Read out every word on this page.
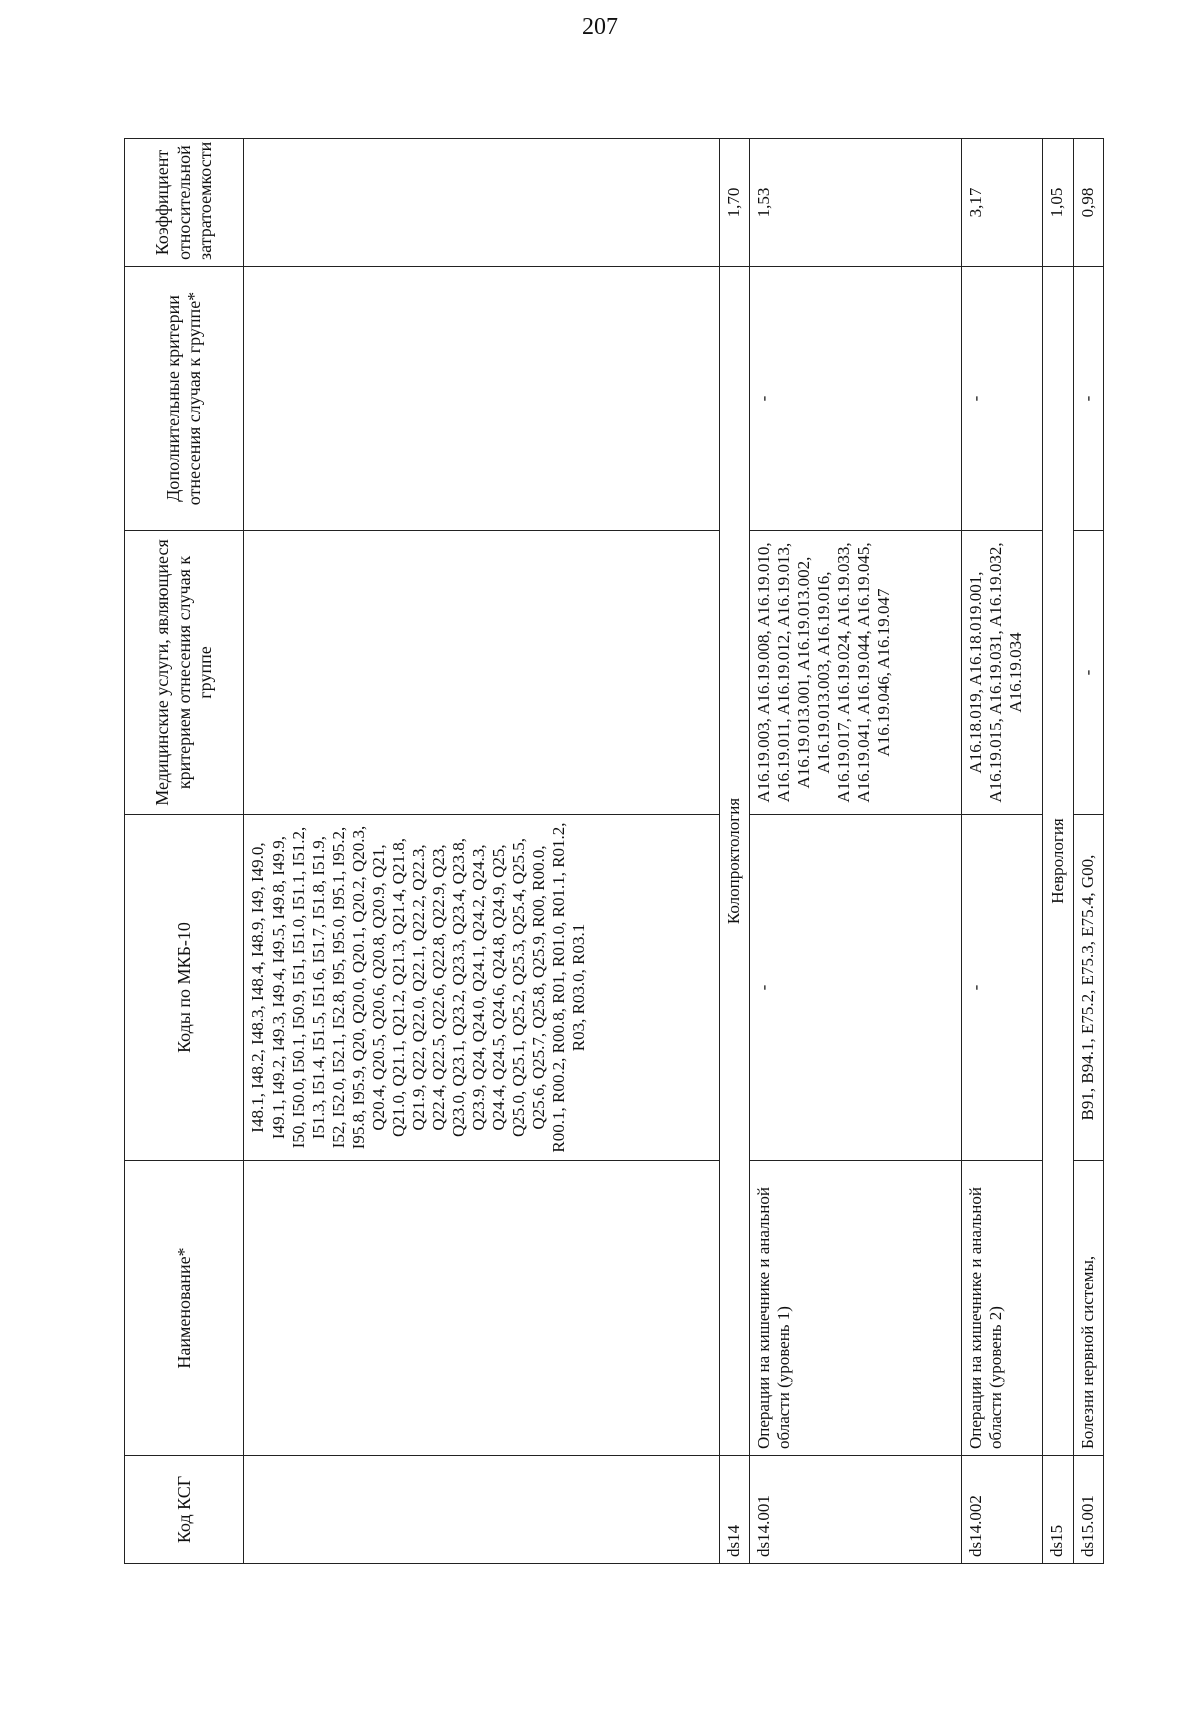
207
Код КСГ	Наименование*	Коды по МКБ-10	Медицинские услуги, являющиеся критерием отнесения случая к группе	Дополнительные критерии отнесения случая к группе*	Коэффициент относительной затратоемкости
		I48.1, I48.2, I48.3, I48.4, I48.9, I49, I49.0, I49.1, I49.2, I49.3, I49.4, I49.5, I49.8, I49.9, I50, I50.0, I50.1, I50.9, I51, I51.0, I51.1, I51.2, I51.3, I51.4, I51.5, I51.6, I51.7, I51.8, I51.9, I52, I52.0, I52.1, I52.8, I95, I95.0, I95.1, I95.2, I95.8, I95.9, Q20, Q20.0, Q20.1, Q20.2, Q20.3, Q20.4, Q20.5, Q20.6, Q20.8, Q20.9, Q21, Q21.0, Q21.1, Q21.2, Q21.3, Q21.4, Q21.8, Q21.9, Q22, Q22.0, Q22.1, Q22.2, Q22.3, Q22.4, Q22.5, Q22.6, Q22.8, Q22.9, Q23, Q23.0, Q23.1, Q23.2, Q23.3, Q23.4, Q23.8, Q23.9, Q24, Q24.0, Q24.1, Q24.2, Q24.3, Q24.4, Q24.5, Q24.6, Q24.8, Q24.9, Q25, Q25.0, Q25.1, Q25.2, Q25.3, Q25.4, Q25.5, Q25.6, Q25.7, Q25.8, Q25.9, R00, R00.0, R00.1, R00.2, R00.8, R01, R01.0, R01.1, R01.2, R03, R03.0, R03.1			
ds14	Колопроктология				1,70
ds14.001	Операции на кишечнике и анальной области (уровень 1)	-	A16.19.003, A16.19.008, A16.19.010, A16.19.011, A16.19.012, A16.19.013, A16.19.013.001, A16.19.013.002, A16.19.013.003, A16.19.016, A16.19.017, A16.19.024, A16.19.033, A16.19.041, A16.19.044, A16.19.045, A16.19.046, A16.19.047	-	1,53
ds14.002	Операции на кишечнике и анальной области (уровень 2)	-	A16.18.019, A16.18.019.001, A16.19.015, A16.19.031, A16.19.032, A16.19.034	-	3,17
ds15	Неврология				1,05
ds15.001	Болезни нервной системы,	B91, B94.1, E75.2, E75.3, E75.4, G00,	-	-	0,98
